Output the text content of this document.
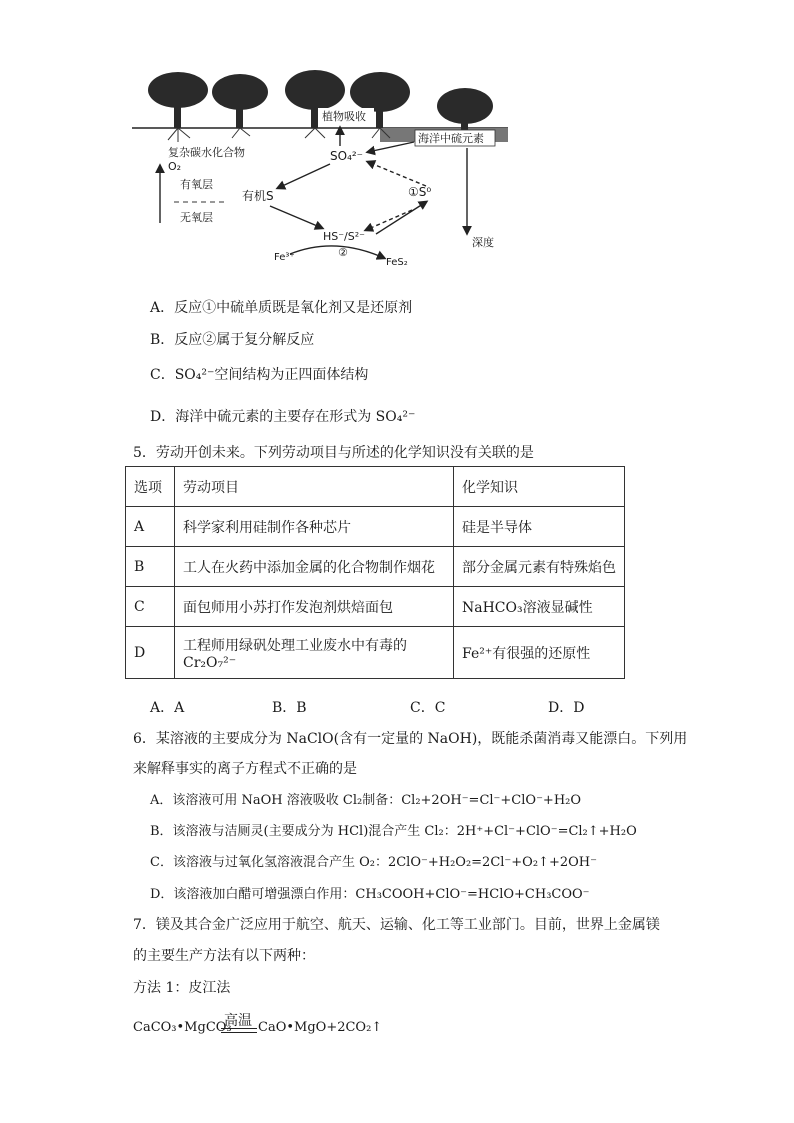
植物吸收
海洋中硫元素
复杂碳水化合物	SO₄²⁻
O₂
有氧层
无氧层
有机S	①S⁰
HS⁻/S²⁻
②
Fe³⁺	FeS₂
深度
A．反应①中硫单质既是氧化剂又是还原剂
B．反应②属于复分解反应
C．SO₄²⁻空间结构为正四面体结构
D．海洋中硫元素的主要存在形式为 SO₄²⁻
5．劳动开创未来。下列劳动项目与所述的化学知识没有关联的是
选项	劳动项目	化学知识
A	科学家利用硅制作各种芯片	硅是半导体
B	工人在火药中添加金属的化合物制作烟花	部分金属元素有特殊焰色
C	面包师用小苏打作发泡剂烘焙面包	NaHCO₃溶液显碱性
D	工程师用绿矾处理工业废水中有毒的 Cr₂O₇²⁻	Fe²⁺有很强的还原性
A．A	B．B	C．C	D．D
6．某溶液的主要成分为 NaClO(含有一定量的 NaOH)，既能杀菌消毒又能漂白。下列用
来解释事实的离子方程式不正确的是
A．该溶液可用 NaOH 溶液吸收 Cl₂制备：Cl₂+2OH⁻=Cl⁻+ClO⁻+H₂O
B．该溶液与洁厕灵(主要成分为 HCl)混合产生 Cl₂：2H⁺+Cl⁻+ClO⁻=Cl₂↑+H₂O
C．该溶液与过氧化氢溶液混合产生 O₂：2ClO⁻+H₂O₂=2Cl⁻+O₂↑+2OH⁻
D．该溶液加白醋可增强漂白作用：CH₃COOH+ClO⁻=HClO+CH₃COO⁻
7．镁及其合金广泛应用于航空、航天、运输、化工等工业部门。目前，世界上金属镁
的主要生产方法有以下两种：
方法 1：皮江法
CaCO₃•MgCO₃
高温 CaO•MgO+2CO₂↑
